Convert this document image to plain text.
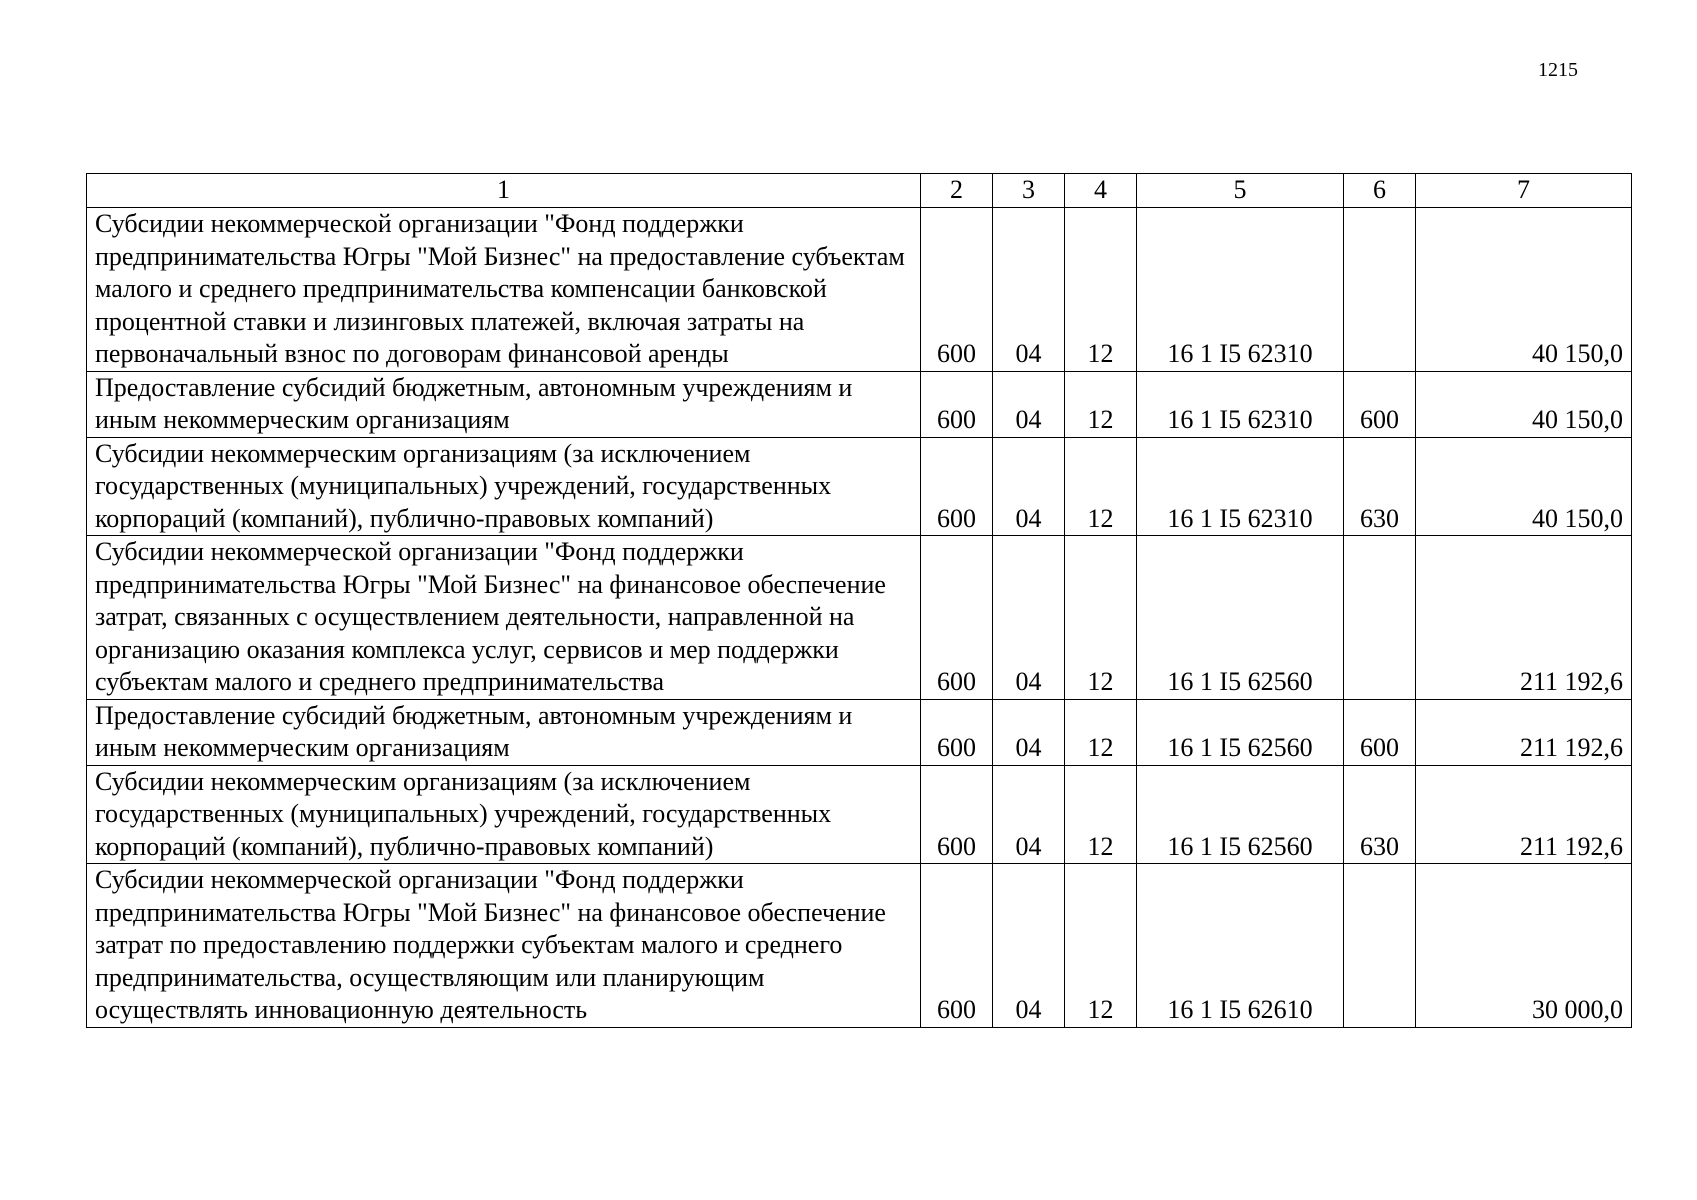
1215
1	2	3	4	5	6	7
Субсидии некоммерческой организации "Фонд поддержки предпринимательства Югры "Мой Бизнес" на предоставление субъектам малого и среднего предпринимательства компенсации банковской процентной ставки и лизинговых платежей, включая затраты на первоначальный взнос по договорам финансовой аренды	600	04	12	16 1 I5 62310		40 150,0
Предоставление субсидий бюджетным, автономным учреждениям и иным некоммерческим организациям	600	04	12	16 1 I5 62310	600	40 150,0
Субсидии некоммерческим организациям (за исключением государственных (муниципальных) учреждений, государственных корпораций (компаний), публично-правовых компаний)	600	04	12	16 1 I5 62310	630	40 150,0
Субсидии некоммерческой организации "Фонд поддержки предпринимательства Югры "Мой Бизнес" на финансовое обеспечение затрат, связанных с осуществлением деятельности, направленной на организацию оказания комплекса услуг, сервисов и мер поддержки субъектам малого и среднего предпринимательства	600	04	12	16 1 I5 62560		211 192,6
Предоставление субсидий бюджетным, автономным учреждениям и иным некоммерческим организациям	600	04	12	16 1 I5 62560	600	211 192,6
Субсидии некоммерческим организациям (за исключением государственных (муниципальных) учреждений, государственных корпораций (компаний), публично-правовых компаний)	600	04	12	16 1 I5 62560	630	211 192,6
Субсидии некоммерческой организации "Фонд поддержки предпринимательства Югры "Мой Бизнес" на финансовое обеспечение затрат по предоставлению поддержки субъектам малого и среднего предпринимательства, осуществляющим или планирующим осуществлять инновационную деятельность	600	04	12	16 1 I5 62610		30 000,0
